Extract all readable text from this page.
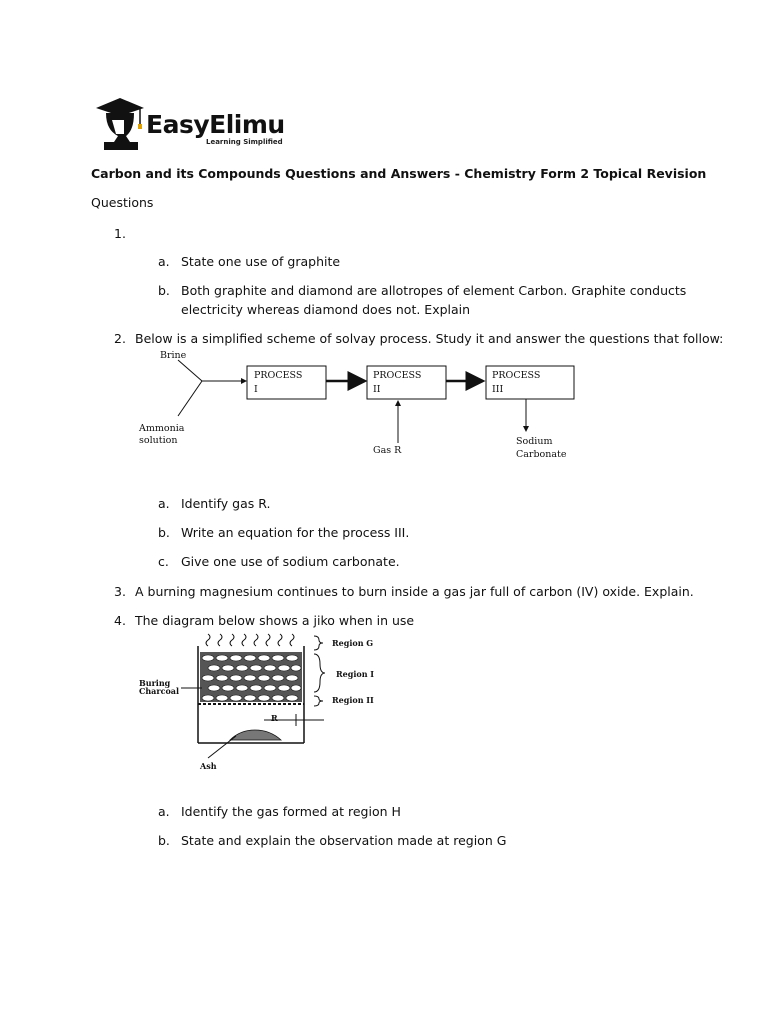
EasyElimu
Learning Simplified
Carbon and its Compounds Questions and Answers - Chemistry Form 2 Topical Revision
Questions
1.
a. State one use of graphite
b. Both graphite and diamond are allotropes of element Carbon. Graphite conducts
electricity whereas diamond does not. Explain
2. Below is a simplified scheme of solvay process. Study it and answer the questions that follow:
Brine
Ammonia
solution
PROCESS
I
PROCESS
II
PROCESS
III
Gas R
Sodium
Carbonate
a. Identify gas R.
b. Write an equation for the process III.
c. Give one use of sodium carbonate.
3. A burning magnesium continues to burn inside a gas jar full of carbon (IV) oxide. Explain.
4. The diagram below shows a jiko when in use
Region G
Region I
Region II
Buring
Charcoal
R
Ash
a. Identify the gas formed at region H
b. State and explain the observation made at region G
